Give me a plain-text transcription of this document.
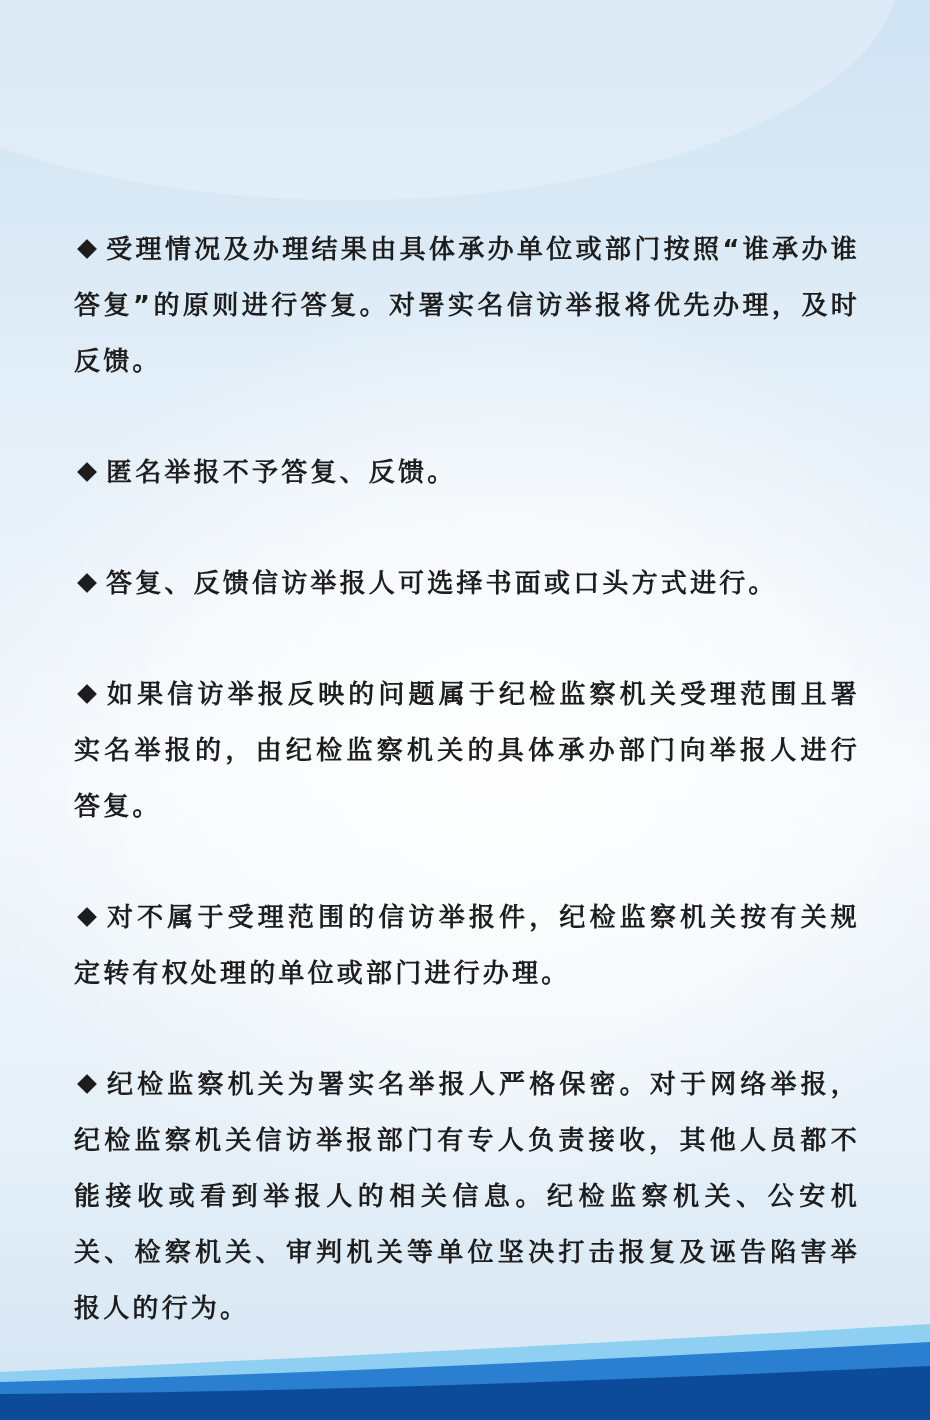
受理情况及办理结果由具体承办单位或部门按照“谁承办谁答复”的原则进行答复。对署实名信访举报将优先办理，及时反馈。

匿名举报不予答复、反馈。

答复、反馈信访举报人可选择书面或口头方式进行。

如果信访举报反映的问题属于纪检监察机关受理范围且署实名举报的，由纪检监察机关的具体承办部门向举报人进行答复。

对不属于受理范围的信访举报件，纪检监察机关按有关规定转有权处理的单位或部门进行办理。

纪检监察机关为署实名举报人严格保密。对于网络举报，纪检监察机关信访举报部门有专人负责接收，其他人员都不能接收或看到举报人的相关信息。纪检监察机关、公安机关、检察机关、审判机关等单位坚决打击报复及诬告陷害举报人的行为。
